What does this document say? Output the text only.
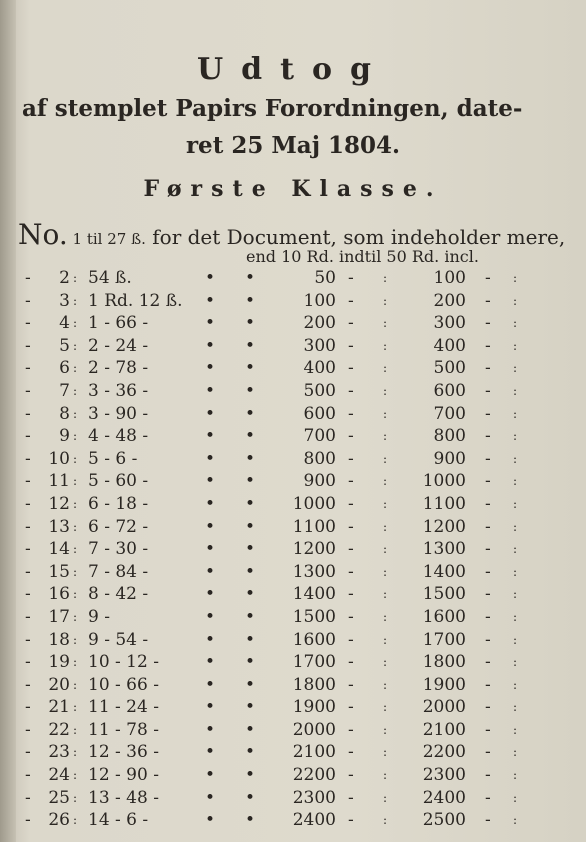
Udtog
af stemplet Papirs Forordningen, date-
ret 25 Maj 1804.
Første Klasse.
No. 1 til 27 ß. for det Document, som indeholder mere,
end 10 Rd. indtil 50 Rd. incl.
-	2 : 54 ß.	• •	50 - :	100 - :
-	3 : 1 Rd. 12 ß. • •	100 - :	200 - :
-	4 : 1 - 66 -	• •	200 - :	300 - :
-	5 : 2 - 24 -	• •	300 - :	400 - :
-	6 : 2 - 78 -	• •	400 - :	500 - :
-	7 : 3 - 36 -	• •	500 - :	600 - :
-	8 : 3 - 90 -	• •	600 - :	700 - :
-	9 : 4 - 48 -	• •	700 - :	800 - :
-	10 : 5 - 6 -	• •	800 - :	900 - :
-	11 : 5 - 60 -	• •	900 - :	1000 - :
-	12 : 6 - 18 -	• •	1000 - :	1100 - :
-	13 : 6 - 72 -	• •	1100 - :	1200 - :
-	14 : 7 - 30 -	• •	1200 - :	1300 - :
-	15 : 7 - 84 -	• •	1300 - :	1400 - :
-	16 : 8 - 42 -	• •	1400 - :	1500 - :
-	17 : 9 -	• •	1500 - :	1600 - :
-	18 : 9 - 54 -	• •	1600 - :	1700 - :
-	19 : 10 - 12 -	• •	1700 - :	1800 - :
-	20 : 10 - 66 -	• •	1800 - :	1900 - :
-	21 : 11 - 24 -	• •	1900 - :	2000 - :
-	22 : 11 - 78 -	• •	2000 - :	2100 - :
-	23 : 12 - 36 -	• •	2100 - :	2200 - :
-	24 : 12 - 90 -	• •	2200 - :	2300 - :
-	25 : 13 - 48 -	• •	2300 - :	2400 - :
-	26 : 14 - 6 -	• •	2400 - :	2500 - :
